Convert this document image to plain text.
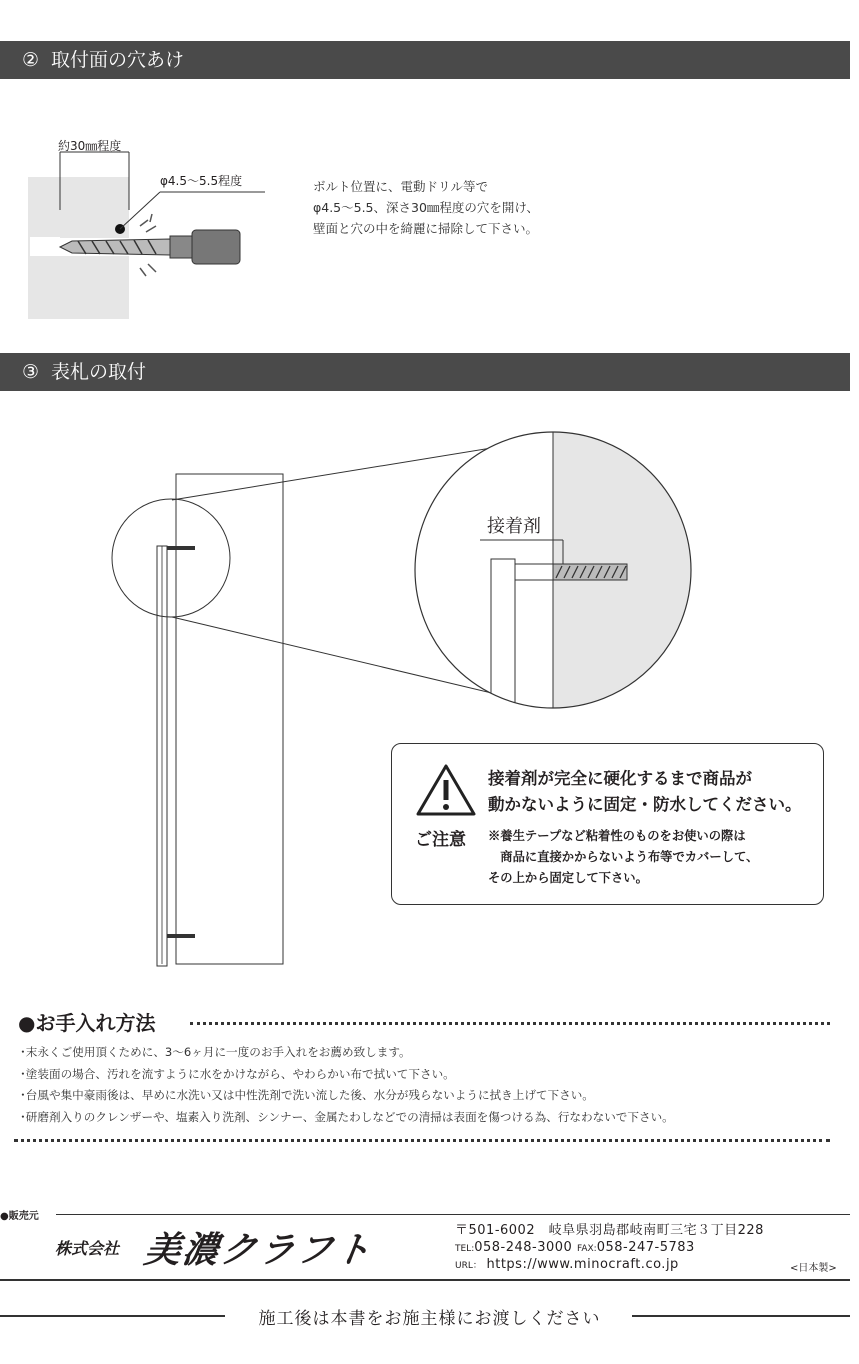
② 取付面の穴あけ
約30㎜程度
φ4.5〜5.5程度	ボルト位置に、電動ドリル等で
φ4.5〜5.5、深さ30㎜程度の穴を開け、
壁面と穴の中を綺麗に掃除して下さい。
③ 表札の取付
接着剤
ご注意
接着剤が完全に硬化するまで商品が
動かないように固定・防水してください。
※養生テープなど粘着性のものをお使いの際は
　商品に直接かからないよう布等でカバーして、
その上から固定して下さい。
●お手入れ方法
･末永くご使用頂くために、3〜6ヶ月に一度のお手入れをお薦め致します。
･塗装面の場合、汚れを流すように水をかけながら、やわらかい布で拭いて下さい。
･台風や集中豪雨後は、早めに水洗い又は中性洗剤で洗い流した後、水分が残らないように拭き上げて下さい。
･研磨剤入りのクレンザーや、塩素入り洗剤、シンナー、金属たわしなどでの清掃は表面を傷つける為、行なわないで下さい。
●販売元
株式会社 美濃クラフト	〒501-6002　岐阜県羽島郡岐南町三宅３丁目228
TEL:058-248-3000 FAX:058-247-5783
URL： https://www.minocraft.co.jp	<日本製>
施工後は本書をお施主様にお渡しください
